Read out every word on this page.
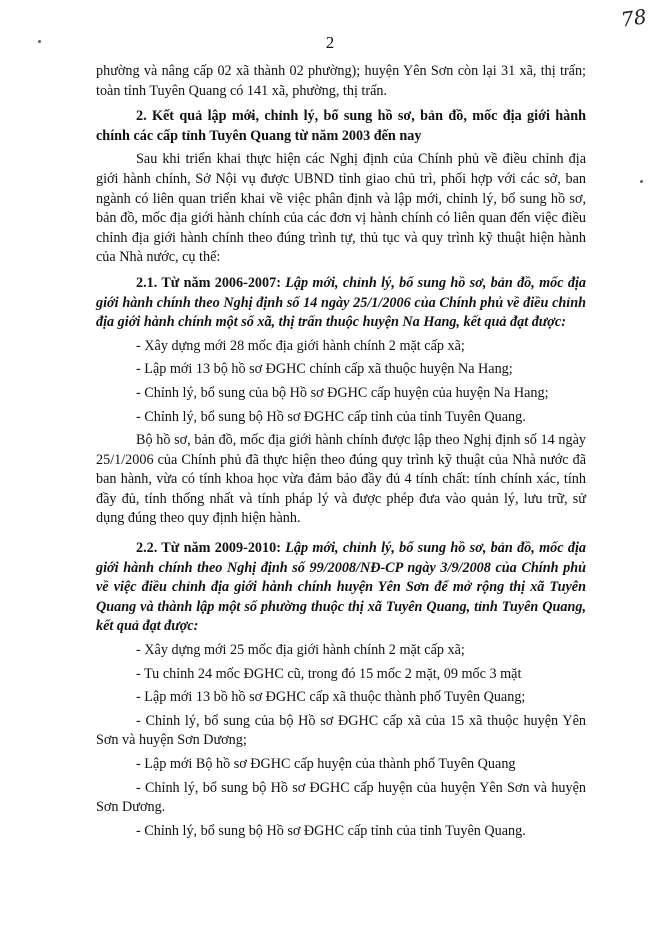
78
2

phường và nâng cấp 02 xã thành 02 phường); huyện Yên Sơn còn lại 31 xã, thị trấn; toàn tỉnh Tuyên Quang có 141 xã, phường, thị trấn.

2. Kết quả lập mới, chỉnh lý, bổ sung hồ sơ, bản đồ, mốc địa giới hành chính các cấp tỉnh Tuyên Quang từ năm 2003 đến nay

Sau khi triển khai thực hiện các Nghị định của Chính phủ về điều chỉnh địa giới hành chính, Sở Nội vụ được UBND tỉnh giao chủ trì, phối hợp với các sở, ban ngành có liên quan triển khai về việc phân định và lập mới, chỉnh lý, bổ sung hồ sơ, bản đồ, mốc địa giới hành chính của các đơn vị hành chính có liên quan đến việc điều chỉnh địa giới hành chính theo đúng trình tự, thủ tục và quy trình kỹ thuật hiện hành của Nhà nước, cụ thể:

2.1. Từ năm 2006-2007: Lập mới, chỉnh lý, bổ sung hồ sơ, bản đồ, mốc địa giới hành chính theo Nghị định số 14 ngày 25/1/2006 của Chính phủ về điều chỉnh địa giới hành chính một số xã, thị trấn thuộc huyện Na Hang, kết quả đạt được:

- Xây dựng mới 28 mốc địa giới hành chính 2 mặt cấp xã;

- Lập mới 13 bộ hồ sơ ĐGHC chính cấp xã thuộc huyện Na Hang;

- Chỉnh lý, bổ sung của bộ Hồ sơ ĐGHC cấp huyện của huyện Na Hang;

- Chỉnh lý, bổ sung bộ Hồ sơ ĐGHC cấp tỉnh của tỉnh Tuyên Quang.

Bộ hồ sơ, bản đồ, mốc địa giới hành chính được lập theo Nghị định số 14 ngày 25/1/2006 của Chính phủ đã thực hiện theo đúng quy trình kỹ thuật của Nhà nước đã ban hành, vừa có tính khoa học vừa đảm bảo đầy đủ 4 tính chất: tính chính xác, tính đầy đủ, tính thống nhất và tính pháp lý và được phép đưa vào quản lý, lưu trữ, sử dụng đúng theo quy định hiện hành.

2.2. Từ năm 2009-2010: Lập mới, chỉnh lý, bổ sung hồ sơ, bản đồ, mốc địa giới hành chính theo Nghị định số 99/2008/NĐ-CP ngày 3/9/2008 của Chính phủ về việc điều chỉnh địa giới hành chính huyện Yên Sơn để mở rộng thị xã Tuyên Quang và thành lập một số phường thuộc thị xã Tuyên Quang, tỉnh Tuyên Quang, kết quả đạt được:

- Xây dựng mới 25 mốc địa giới hành chính 2 mặt cấp xã;

- Tu chỉnh 24 mốc ĐGHC cũ, trong đó 15 mốc 2 mặt, 09 mốc 3 mặt

- Lập mới 13 bồ hồ sơ ĐGHC cấp xã thuộc thành phố Tuyên Quang;

- Chỉnh lý, bổ sung của bộ Hồ sơ ĐGHC cấp xã của 15 xã thuộc huyện Yên Sơn và huyện Sơn Dương;

- Lập mới Bộ hồ sơ ĐGHC cấp huyện của thành phố Tuyên Quang

- Chỉnh lý, bổ sung bộ Hồ sơ ĐGHC cấp huyện của huyện Yên Sơn và huyện Sơn Dương.

- Chỉnh lý, bổ sung bộ Hồ sơ ĐGHC cấp tỉnh của tỉnh Tuyên Quang.
